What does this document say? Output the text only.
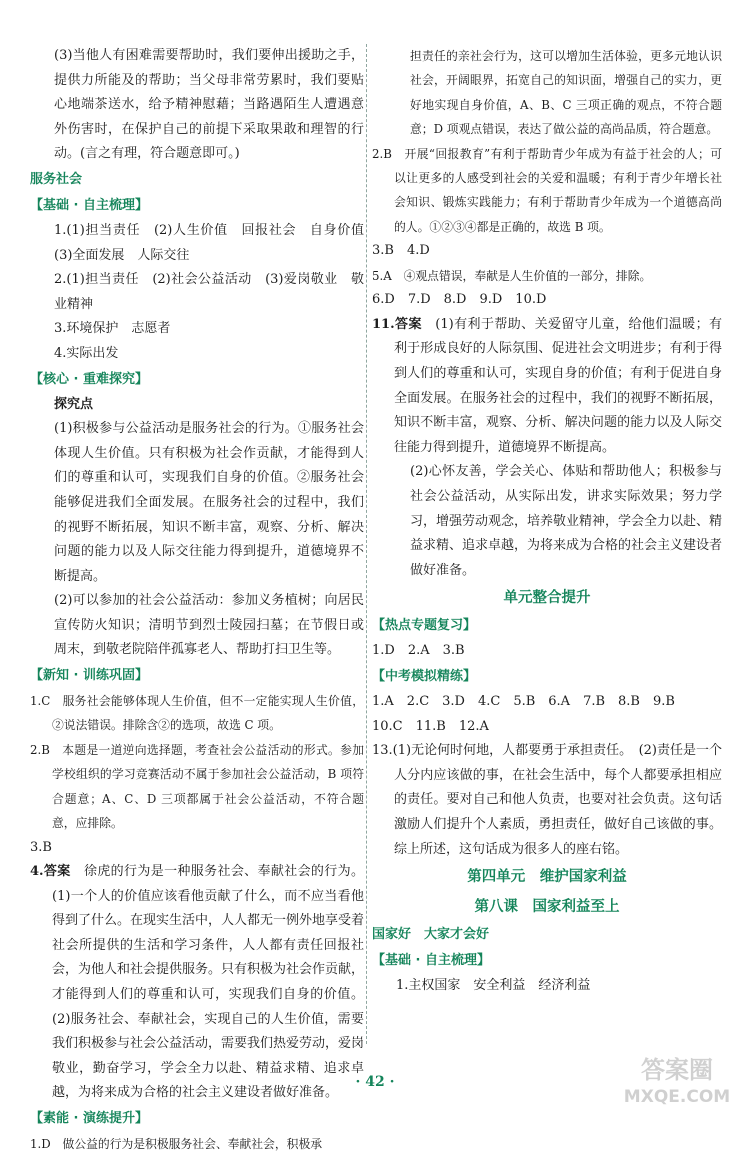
(3)当他人有困难需要帮助时，我们要伸出援助之手，提供力所能及的帮助；当父母非常劳累时，我们要贴心地端茶送水，给予精神慰藉；当路遇陌生人遭遇意外伤害时，在保护自己的前提下采取果敢和理智的行动。(言之有理，符合题意即可。)

服务社会
【基础 · 自主梳理】

1.(1)担当责任　(2)人生价值　回报社会　自身价值　(3)全面发展　人际交往

2.(1)担当责任　(2)社会公益活动　(3)爱岗敬业　敬业精神

3.环境保护　志愿者

4.实际出发

【核心 · 重难探究】

探究点

(1)积极参与公益活动是服务社会的行为。①服务社会体现人生价值。只有积极为社会作贡献，才能得到人们的尊重和认可，实现我们自身的价值。②服务社会能够促进我们全面发展。在服务社会的过程中，我们的视野不断拓展，知识不断丰富，观察、分析、解决问题的能力以及人际交往能力得到提升，道德境界不断提高。

(2)可以参加的社会公益活动：参加义务植树；向居民宣传防火知识；清明节到烈士陵园扫墓；在节假日或周末，到敬老院陪伴孤寡老人、帮助打扫卫生等。

【新知 · 训练巩固】

1.C　服务社会能够体现人生价值，但不一定能实现人生价值，②说法错误。排除含②的选项，故选 C 项。

2.B　本题是一道逆向选择题，考查社会公益活动的形式。参加学校组织的学习竞赛活动不属于参加社会公益活动，B 项符合题意；A、C、D 三项都属于社会公益活动，不符合题意，应排除。

3.B

4.答案　 徐虎的行为是一种服务社会、奉献社会的行为。(1)一个人的价值应该看他贡献了什么，而不应当看他得到了什么。在现实生活中，人人都无一例外地享受着社会所提供的生活和学习条件，人人都有责任回报社会，为他人和社会提供服务。只有积极为社会作贡献，才能得到人们的尊重和认可，实现我们自身的价值。(2)服务社会、奉献社会，实现自己的人生价值，需要我们积极参与社会公益活动，需要我们热爱劳动，爱岗敬业，勤奋学习，学会全力以赴、精益求精、追求卓越，为将来成为合格的社会主义建设者做好准备。

【素能 · 演练提升】

1.D　做公益的行为是积极服务社会、奉献社会，积极承

担责任的亲社会行为，这可以增加生活体验，更多元地认识社会，开阔眼界，拓宽自己的知识面，增强自己的实力，更好地实现自身价值，A、B、C 三项正确的观点，不符合题意；D 项观点错误，表达了做公益的高尚品质，符合题意。

2.B　开展“回报教育”有利于帮助青少年成为有益于社会的人；可以让更多的人感受到社会的关爱和温暖；有利于青少年增长社会知识、锻炼实践能力；有利于帮助青少年成为一个道德高尚的人。①②③④都是正确的，故选 B 项。

3.B　4.D

5.A　④观点错误，奉献是人生价值的一部分，排除。

6.D　7.D　8.D　9.D　10.D

11.答案　 (1)有利于帮助、关爱留守儿童，给他们温暖；有利于形成良好的人际氛围、促进社会文明进步；有利于得到人们的尊重和认可，实现自身的价值；有利于促进自身全面发展。在服务社会的过程中，我们的视野不断拓展，知识不断丰富，观察、分析、解决问题的能力以及人际交往能力得到提升，道德境界不断提高。

(2)心怀友善，学会关心、体贴和帮助他人；积极参与社会公益活动，从实际出发，讲求实际效果；努力学习，增强劳动观念，培养敬业精神，学会全力以赴、精益求精、追求卓越，为将来成为合格的社会主义建设者做好准备。

单元整合提升
【热点专题复习】

1.D　2.A　3.B

【中考模拟精练】

1.A　2.C　3.D　4.C　5.B　6.A　7.B　8.B　9.B

10.C　11.B　12.A

13.(1)无论何时何地，人都要勇于承担责任。　(2)责任是一个人分内应该做的事，在社会生活中，每个人都要承担相应的责任。要对自己和他人负责，也要对社会负责。这句话激励人们提升个人素质，勇担责任，做好自己该做的事。综上所述，这句话成为很多人的座右铭。

第四单元　维护国家利益
第八课　国家利益至上
国家好　大家才会好
【基础 · 自主梳理】

1.主权国家　安全利益　经济利益

· 42 ·	答案圈
MXQE.COM
